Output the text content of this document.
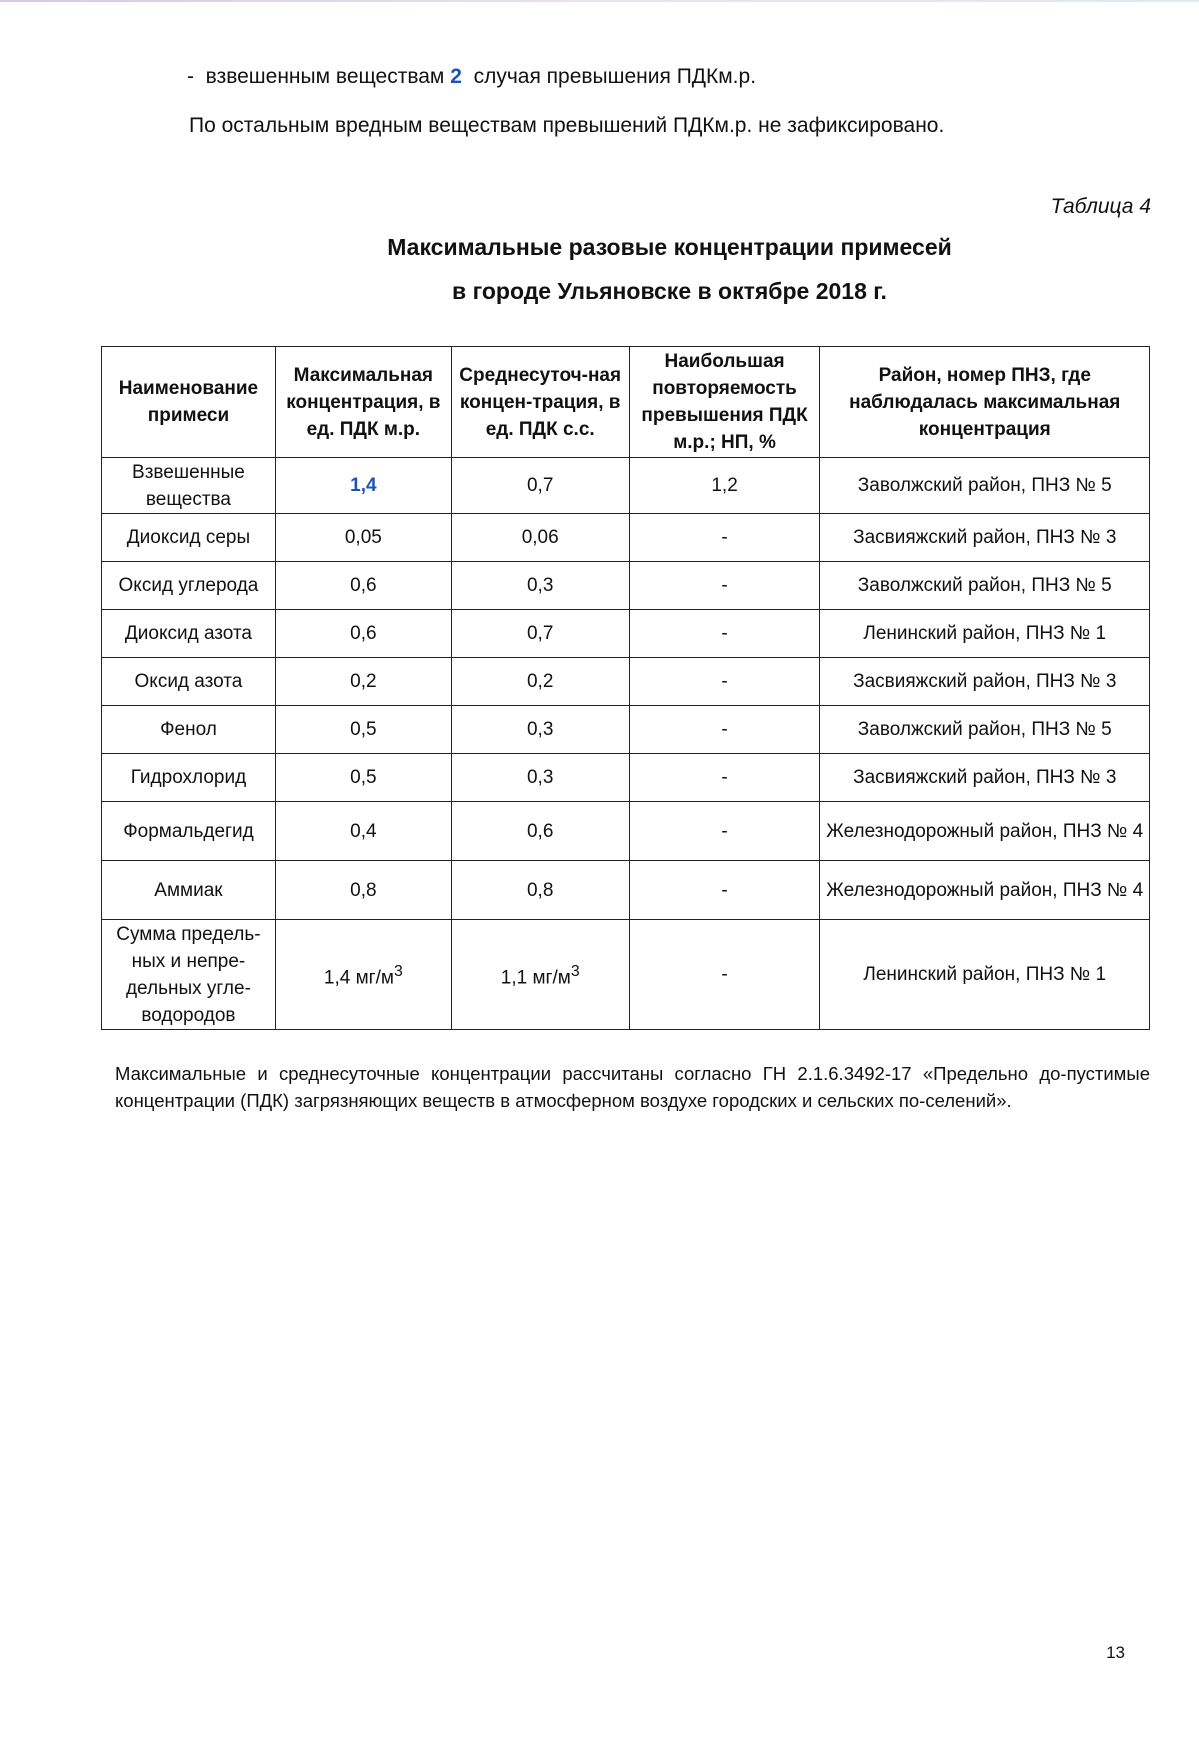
-  взвешенным веществам 2  случая превышения ПДКм.р.
По остальным вредным веществам превышений ПДКм.р. не зафиксировано.
Таблица 4
Максимальные разовые концентрации примесей
в городе Ульяновске в октябре 2018 г.
Наименование примеси	Максимальная концентрация, в ед. ПДК м.р.	Среднесуточ-ная концен-трация, в ед. ПДК с.с.	Наибольшая повторяемость превышения ПДК м.р.; НП, %	Район, номер ПНЗ, где наблюдалась максимальная концентрация
Взвешенные вещества	1,4	0,7	1,2	Заволжский район, ПНЗ № 5
Диоксид серы	0,05	0,06	-	Засвияжский район, ПНЗ № 3
Оксид углерода	0,6	0,3	-	Заволжский район, ПНЗ № 5
Диоксид азота	0,6	0,7	-	Ленинский район, ПНЗ № 1
Оксид азота	0,2	0,2	-	Засвияжский район, ПНЗ № 3
Фенол	0,5	0,3	-	Заволжский район, ПНЗ № 5
Гидрохлорид	0,5	0,3	-	Засвияжский район, ПНЗ № 3
Формальдегид	0,4	0,6	-	Железнодорожный район, ПНЗ № 4
Аммиак	0,8	0,8	-	Железнодорожный район, ПНЗ № 4
Сумма предель-ных и непре-дельных угле-водородов	1,4 $мг/м^3$	1,1 $мг/м^3$	-	Ленинский район, ПНЗ № 1
Максимальные и среднесуточные концентрации рассчитаны согласно ГН 2.1.6.3492-17 «Предельно до-пустимые концентрации (ПДК) загрязняющих веществ в атмосферном воздухе городских и сельских по-селений».
13
